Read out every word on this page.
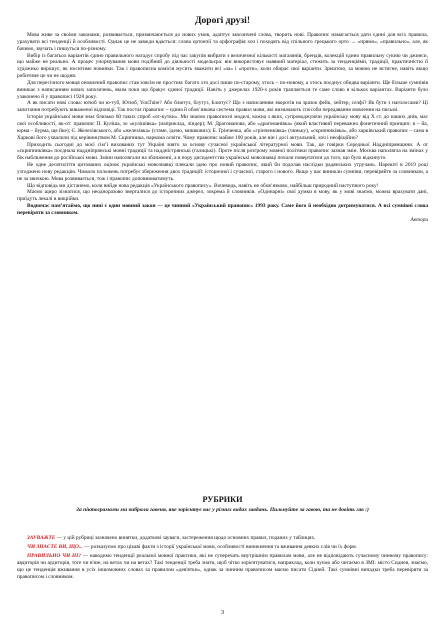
Дорогі друзі!

Мова живе за своїми законами, розвивається, призвичаюється до нових умов, адаптує запозичені слова, творить нові. Правопис намагається дати єдині для всіх правила, урахувати всі тенденції й особливості. Однак це не завжди вдається: слова ортоепії та орфографія хоч і походять від спільного грецького орто → «прямо», «правильно», але, як бачимо, звучать і пишуться по-різному.

Вибір із багатьох варіантів єдино правильного нагадує спробу під час закупів вибрати з величезної кількості магазинів, брендів, колекцій єдино правильну сукню чи джинси, що майже не реально. А процес унормування мови подібний до діяльності модельєра: він використовує наявний матеріал, стежить за тенденціями, традиції, практичністю й художньо вирішує, як носитиме новинки. Так і правописна комісія мусить зважити всі «за» і «проти», коли обирає свої варіанти. Зрештою, за мовою не встигне, навіть якщо робитиме це чи не щодня.

Для пересічного мовця оновлений правопис став зовсім не простим: багато хто досі пише по-старому, хтось – по-новому, а хтось поєднує обидва варіанти. Ще більше сумнівів виникає з написанням нових запозичень, яким поки що бракує єдиної традиції. Навіть у джерелах 1920-х років трапляється те саме слово в кількох варіантах. Варіанти було узаконено й у правописі 1928 року.

А як писати нові слова: ютюб чи ю-туб, Ютюб, YouTube? Або блютуз, блутуз, Блютус? Що з написанням зворотів на зразок фейк, хейтер, селфі? Як бути з наголосами? Ці запитання потребують виваженої відповіді. Так постає правопис – єдина й обов’язкова система правил мови, які визначають способи передавання мовлення на письмі.

Історія української мови знає близько 60 таких спроб «от-кутки». Ми знаємо правописні моделі, кожна з яких, супроводжуючи українську мову від X ст. до наших днів, мас свої особливості, як-от: правопис П. Куліша, зо «кулішівка» (наприклад, ліндер); М. Драгоманова, або «драгоманівка» (який властивий переважно фонетичний принцип: я – йа, юрма – йурма, ще йке); Є. Желехівського, або «желехівка» (стаме, ідемо, мишкових); Б. Грінченка, або «грінченківка» (чиньку), «скрипниківка», або харківський правопис – сама в Харкові його ухвалили під керівництвом М. Скрипника, наркома освіти. Чому правопис майже 100 років, але він і досі актуальний, хоч і неофіційно?

Приходить сьогодні до моєї сім’ї вихованих тут Україні взято за основу сучасної української літературної мови. Так, це говірки Середньої Наддніпрянщини. А от «скрипниківка» поєднала наддніпрянські мовні традиції та наддністрянські (галицькі). Проте після розгрому мовної політики правопис зазнав змін. Москва наполягла на змінах у бік наближення до російської мови. Зміни наполягали на зближенні, а в пору дисидентства українські мовознавці почали повертатися до того, що було відкинуто.

Не одне десятиліття цитованих оцінок українські мовознавці плекали ідею про новий правопис, який би подолав наслідки радянських утручань. Нарешті в 2019 році узгоджено нову редакцію. Чимало положень потребує збереження двох традицій: історичної і сучасної, старого і нового. Якщо у вас виникли сумніви, перевіряйте за словником, а не за звичкою. Мова розвивається, тож і правопис доповнюватимуть.

Що відповідь ми дістанемо, коли вийде нова редакція «Українського правопису». Вочевидь, навіть не обов’язково, найбільш природний наступного року!

Маємо щиро зізнатися, що неодноразово зверталися до історичних джерел, зокрема й словників. «Одинарні» свої думки в мову, як у мові знаємо, можна врахувати дані, приїдуть лекалі в викрійки.

Водночас пам’ятаймо, що нині є один мовний закон — це чинний «Український правопис» 1993 року. Саме його й необхідно дотримуватися. А всі сумнівні слова перевіряти за словником.

Автори

РУБРИКИ
За піктограмами ми вибрали гавеня, яке зорієнтує вас у різних видах завдань. Пильнуйте за гавою, та не довіть гав :)

ЗАУВАЖТЕ — у цій рубриці зазначено винятки, додаткові зауваги, застереження щодо основних правил, поданих у таблицях.

ЧИ ЗНАЄТЕ ВИ, ЩО... — розказуємо про цікаві факти з історії української мови, особливості виникнення та вживання деяких слів чи їх форм.

ПРАВИЛЬНО ЧИ НІ? — наводимо тенденції реальної мовної практики, які не суперечать внутрішнім правилам мови, але не відповідають сучасному чинному правопису: авдиторія чи аудиторія, тоге чи в'язе, на ветах чи на ветах? Такі тенденції треба знати, щоб чітко зорієнтуватися, наприклад, коли чуємо або читаємо в ЗМІ: місто Сиднея, знаємо, що це тенденція вживання в усіх іншомовних словах за правилом «дев'ятки», однак за чинним правописом маємо писати Сідней. Такі сумнівні випадки треба перевіряти за правописом і словником.

3
